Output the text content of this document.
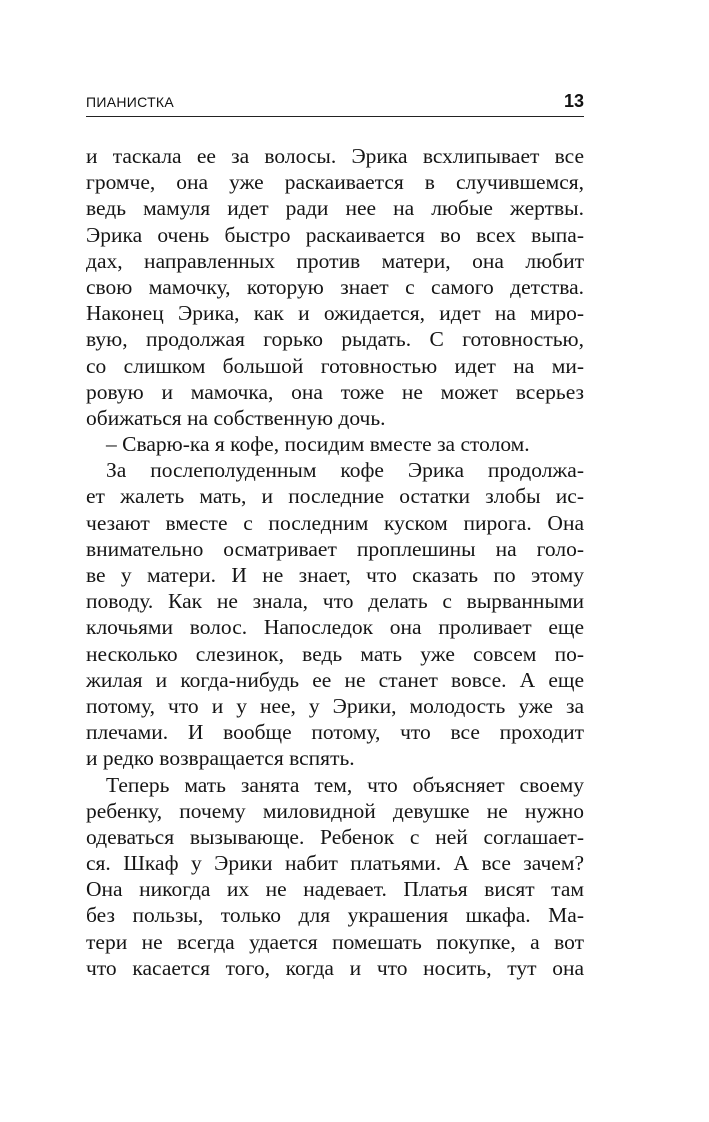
ПИАНИСТКА	13
и таскала ее за волосы. Эрика всхлипывает все
громче, она уже раскаивается в случившемся,
ведь мамуля идет ради нее на любые жертвы.
Эрика очень быстро раскаивается во всех выпа-
дах, направленных против матери, она любит
свою мамочку, которую знает с самого детства.
Наконец Эрика, как и ожидается, идет на миро-
вую, продолжая горько рыдать. С готовностью,
со слишком большой готовностью идет на ми-
ровую и мамочка, она тоже не может всерьез
обижаться на собственную дочь.
– Сварю-ка я кофе, посидим вместе за столом.
За послеполуденным кофе Эрика продолжа-
ет жалеть мать, и последние остатки злобы ис-
чезают вместе с последним куском пирога. Она
внимательно осматривает проплешины на голо-
ве у матери. И не знает, что сказать по этому
поводу. Как не знала, что делать с вырванными
клочьями волос. Напоследок она проливает еще
несколько слезинок, ведь мать уже совсем по-
жилая и когда-нибудь ее не станет вовсе. А еще
потому, что и у нее, у Эрики, молодость уже за
плечами. И вообще потому, что все проходит
и редко возвращается вспять.
Теперь мать занята тем, что объясняет своему
ребенку, почему миловидной девушке не нужно
одеваться вызывающе. Ребенок с ней соглашает-
ся. Шкаф у Эрики набит платьями. А все зачем?
Она никогда их не надевает. Платья висят там
без пользы, только для украшения шкафа. Ма-
тери не всегда удается помешать покупке, а вот
что касается того, когда и что носить, тут она
